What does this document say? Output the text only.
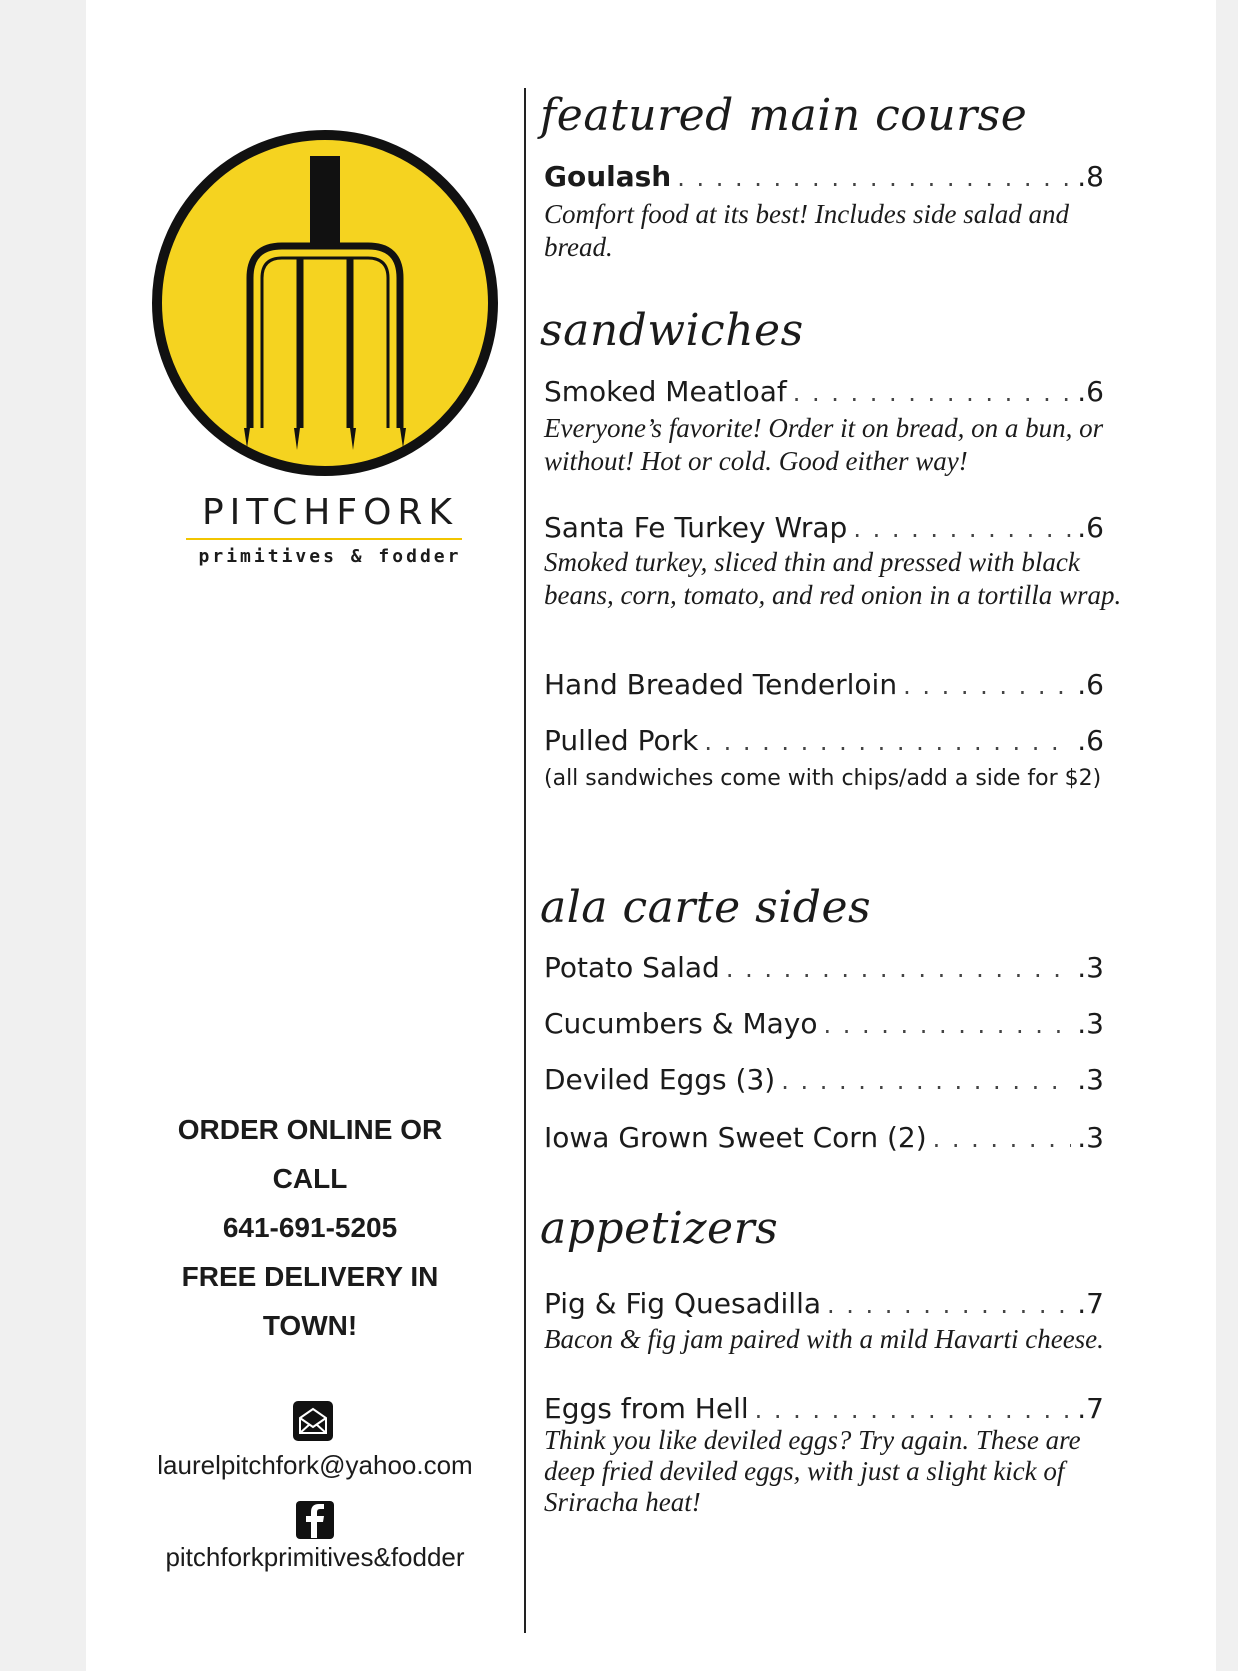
PITCHFORK
primitives & fodder
ORDER ONLINE OR
CALL
641-691-5205
FREE DELIVERY IN
TOWN!
laurelpitchfork@yahoo.com
pitchforkprimitives&fodder
featured main course
Goulash . . .	.8
Comfort food at its best! Includes side salad and bread.
sandwiches
Smoked Meatloaf . . .	.6
Everyone’s favorite! Order it on bread, on a bun, or without! Hot or cold. Good either way!
Santa Fe Turkey Wrap . . .	.6
Smoked turkey, sliced thin and pressed with black beans, corn, tomato, and red onion in a tortilla wrap.
Hand Breaded Tenderloin . . .	.6
Pulled Pork . . .	.6
(all sandwiches come with chips/add a side for $2)
ala carte sides
Potato Salad . . .	.3
Cucumbers & Mayo . . .	.3
Deviled Eggs (3) . . .	.3
Iowa Grown Sweet Corn (2) . . .	.3
appetizers
Pig & Fig Quesadilla . . .	.7
Bacon & fig jam paired with a mild Havarti cheese.
Eggs from Hell . . .	.7
Think you like deviled eggs? Try again. These are deep fried deviled eggs, with just a slight kick of Sriracha heat!
